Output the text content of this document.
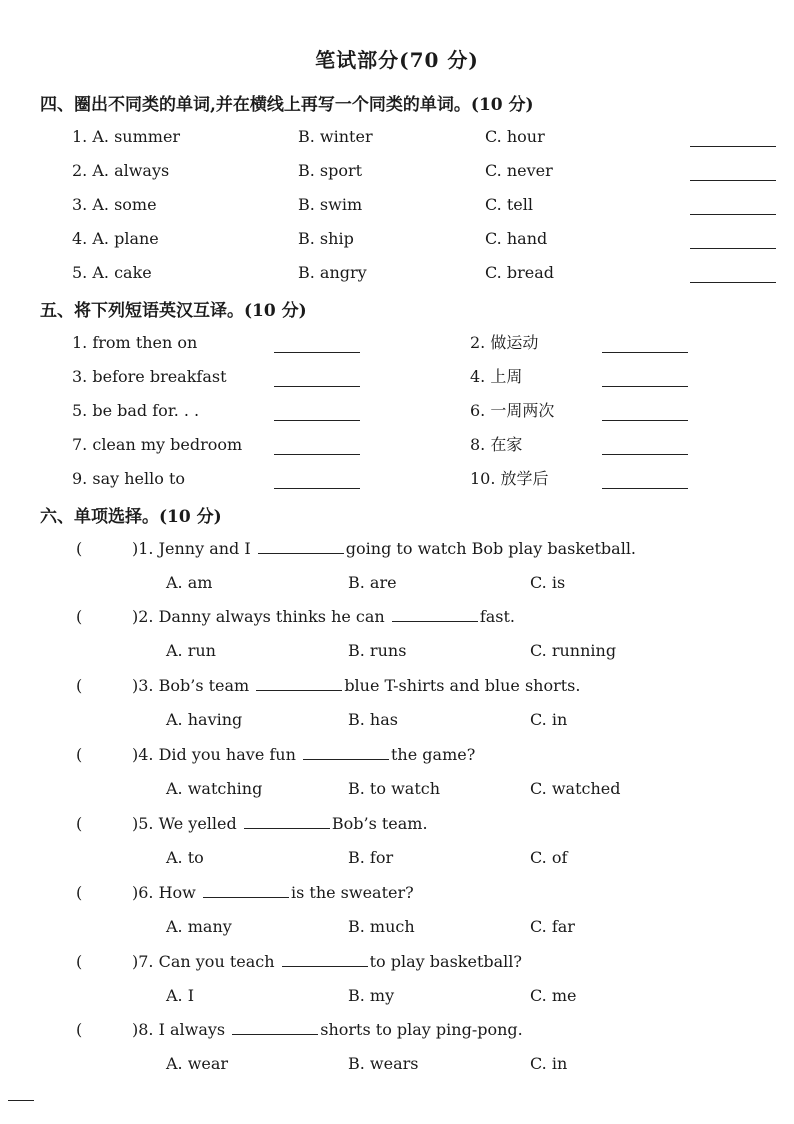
笔试部分(70 分)
四、圈出不同类的单词,并在横线上再写一个同类的单词。(10 分)
1. A. summer	B. winter	C. hour
2. A. always	B. sport	C. never
3. A. some	B. swim	C. tell
4. A. plane	B. ship	C. hand
5. A. cake	B. angry	C. bread
五、将下列短语英汉互译。(10 分)
1. from then on	2. 做运动
3. before breakfast	4. 上周
5. be bad for. . .	6. 一周两次
7. clean my bedroom	8. 在家
9. say hello to	10. 放学后
六、单项选择。(10 分)
(	)1. Jenny and I	going to watch Bob play basketball.
A. am	B. are	C. is
(	)2. Danny always thinks he can	fast.
A. run	B. runs	C. running
(	)3. Bob’s team	blue T-shirts and blue shorts.
A. having	B. has	C. in
(	)4. Did you have fun	the game?
A. watching	B. to watch	C. watched
(	)5. We yelled	Bob’s team.
A. to	B. for	C. of
(	)6. How	is the sweater?
A. many	B. much	C. far
(	)7. Can you teach	to play basketball?
A. I	B. my	C. me
(	)8. I always	shorts to play ping-pong.
A. wear	B. wears	C. in
